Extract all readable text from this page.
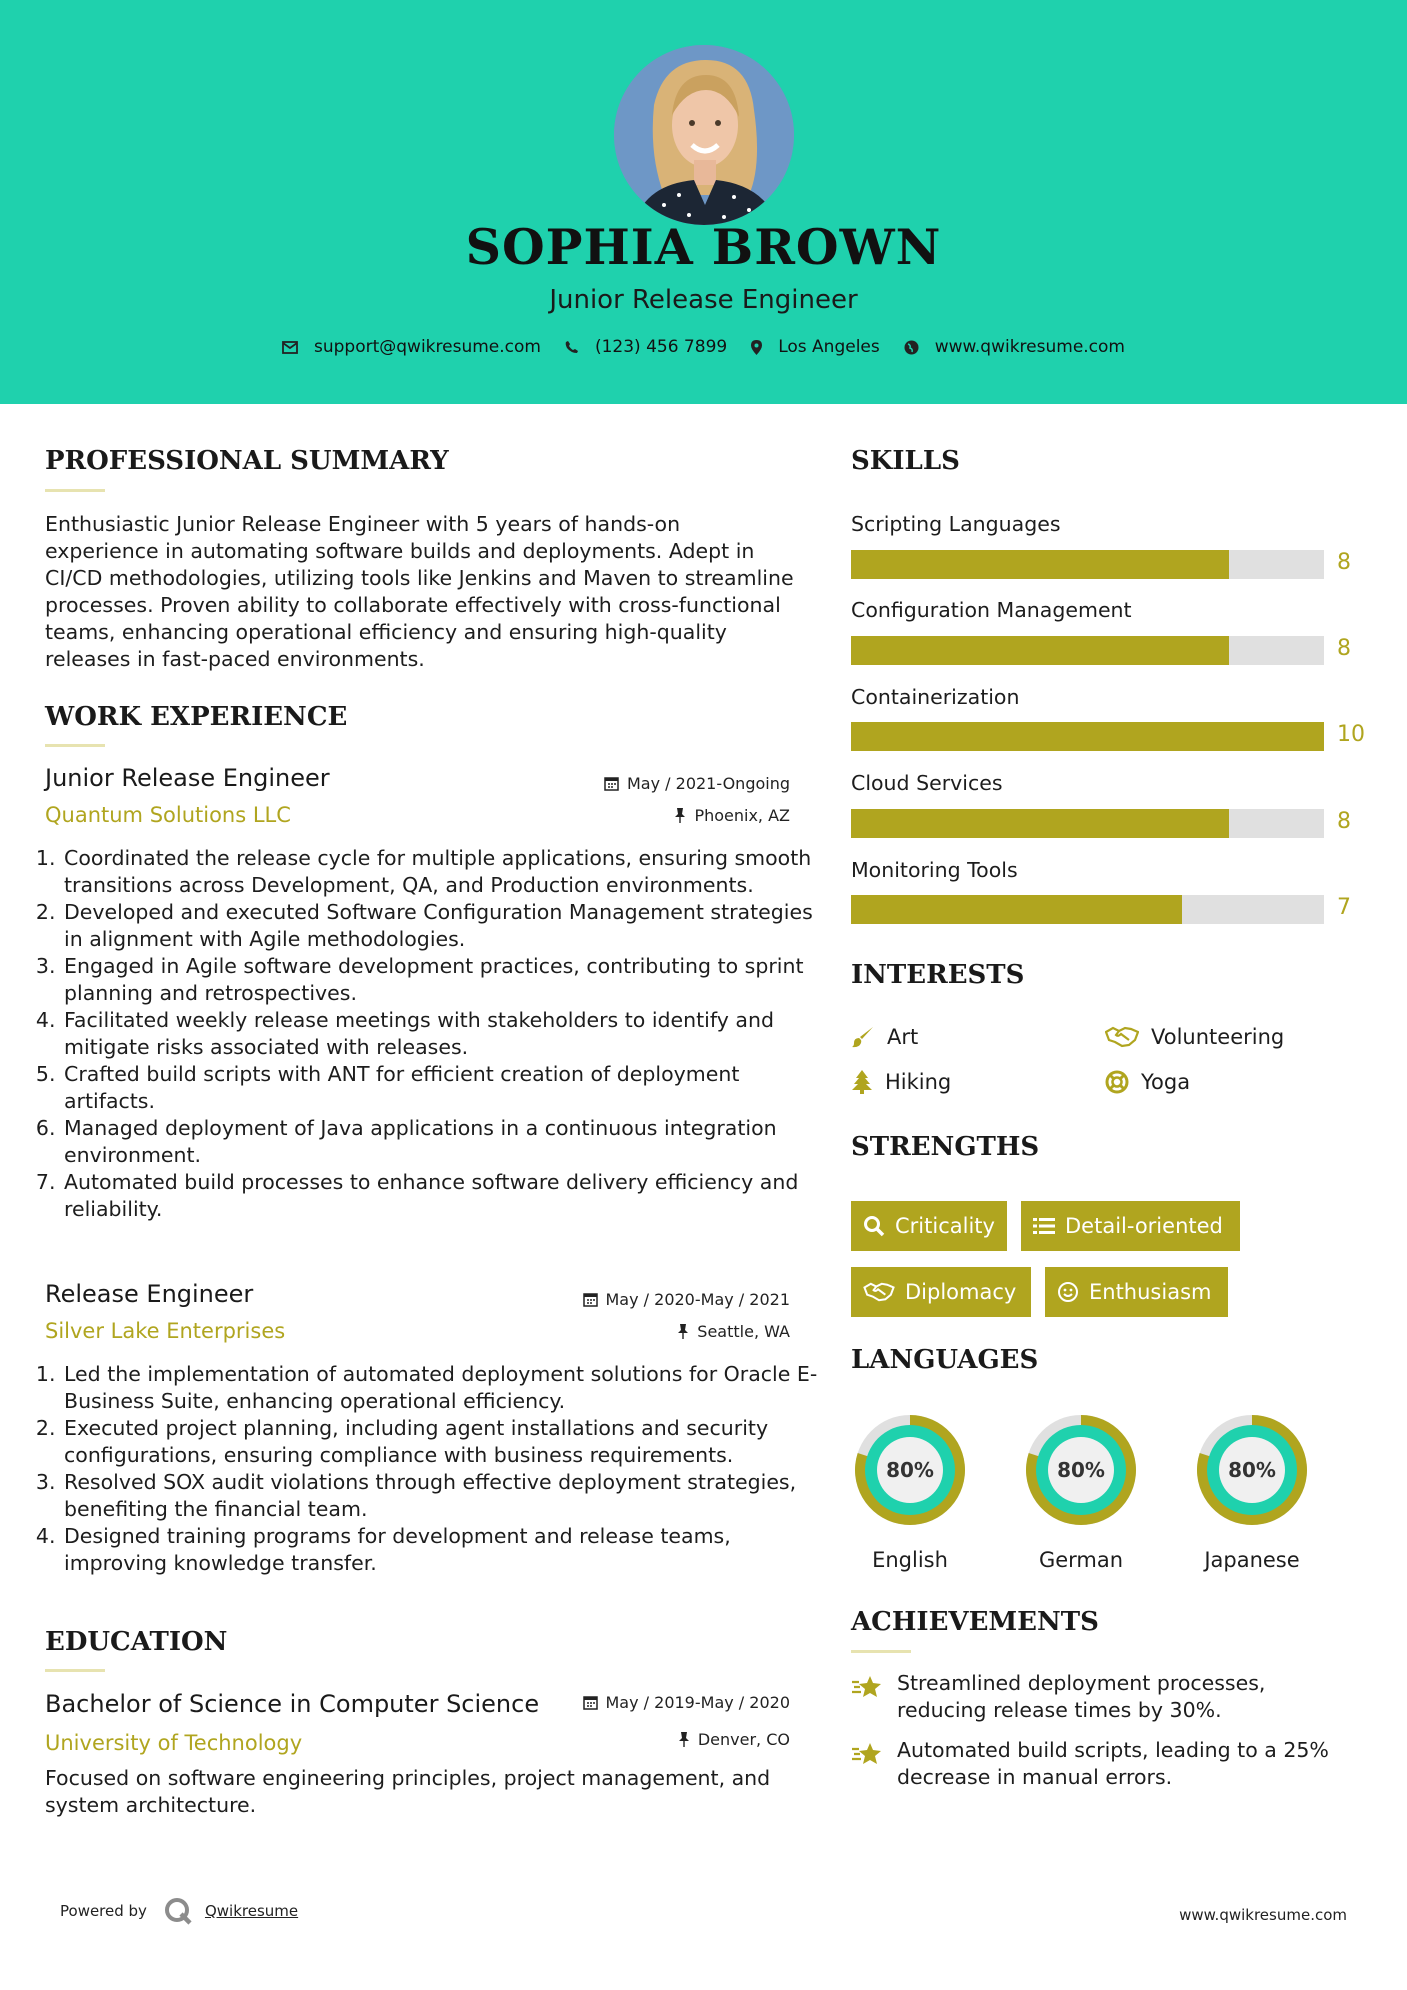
SOPHIA BROWN
Junior Release Engineer
support@qwikresume.com	(123) 456 7899	Los Angeles	www.qwikresume.com
PROFESSIONAL SUMMARY
Enthusiastic Junior Release Engineer with 5 years of hands-on experience in automating software builds and deployments. Adept in CI/CD methodologies, utilizing tools like Jenkins and Maven to streamline processes. Proven ability to collaborate effectively with cross-functional teams, enhancing operational efficiency and ensuring high-quality releases in fast-paced environments.
WORK EXPERIENCE
Junior Release Engineer	May / 2021-Ongoing
Quantum Solutions LLC	Phoenix, AZ
1. Coordinated the release cycle for multiple applications, ensuring smooth transitions across Development, QA, and Production environments.
2. Developed and executed Software Configuration Management strategies in alignment with Agile methodologies.
3. Engaged in Agile software development practices, contributing to sprint planning and retrospectives.
4. Facilitated weekly release meetings with stakeholders to identify and mitigate risks associated with releases.
5. Crafted build scripts with ANT for efficient creation of deployment artifacts.
6. Managed deployment of Java applications in a continuous integration environment.
7. Automated build processes to enhance software delivery efficiency and reliability.
Release Engineer	May / 2020-May / 2021
Silver Lake Enterprises	Seattle, WA
1. Led the implementation of automated deployment solutions for Oracle E-Business Suite, enhancing operational efficiency.
2. Executed project planning, including agent installations and security configurations, ensuring compliance with business requirements.
3. Resolved SOX audit violations through effective deployment strategies, benefiting the financial team.
4. Designed training programs for development and release teams, improving knowledge transfer.
EDUCATION
Bachelor of Science in Computer Science	May / 2019-May / 2020
University of Technology	Denver, CO
Focused on software engineering principles, project management, and system architecture.
SKILLS
Scripting Languages
8
Configuration Management
8
Containerization
10
Cloud Services
8
Monitoring Tools
7
INTERESTS
Art	Volunteering
Hiking	Yoga
STRENGTHS
Criticality	Detail-oriented
Diplomacy	Enthusiasm
LANGUAGES
80%
English
80%
German
80%
Japanese
ACHIEVEMENTS
Streamlined deployment processes, reducing release times by 30%.
Automated build scripts, leading to a 25% decrease in manual errors.
Powered by	Qwikresume	www.qwikresume.com
